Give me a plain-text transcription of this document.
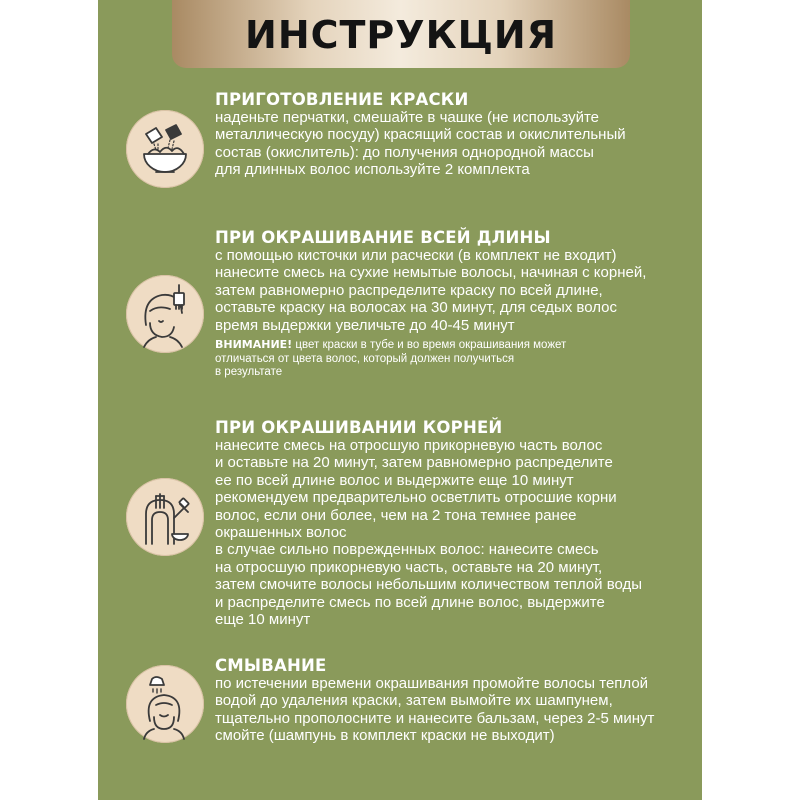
ИНСТРУКЦИЯ
ПРИГОТОВЛЕНИЕ КРАСКИ
наденьте перчатки, смешайте в чашке (не используйте
металлическую посуду) красящий состав и окислительный
состав (окислитель): до получения однородной массы
для длинных волос используйте 2 комплекта
ПРИ ОКРАШИВАНИЕ ВСЕЙ ДЛИНЫ
с помощью кисточки или расчески (в комплект не входит)
нанесите смесь на сухие немытые волосы, начиная с корней,
затем равномерно распределите краску по всей длине,
оставьте краску на волосах на 30 минут, для седых волос
время выдержки увеличьте до 40-45 минут
ВНИМАНИЕ! цвет краски в тубе и во время окрашивания может
отличаться от цвета волос, который должен получиться
в результате
ПРИ ОКРАШИВАНИИ КОРНЕЙ
нанесите смесь на отросшую прикорневую часть волос
и оставьте на 20 минут, затем равномерно распределите
ее по всей длине волос и выдержите еще 10 минут
рекомендуем предварительно осветлить отросшие корни
волос, если они более, чем на 2 тона темнее ранее
окрашенных волос
в случае сильно поврежденных волос: нанесите смесь
на отросшую прикорневую часть, оставьте на 20 минут,
затем смочите волосы небольшим количеством теплой воды
и распределите смесь по всей длине волос, выдержите
еще 10 минут
СМЫВАНИЕ
по истечении времени окрашивания промойте волосы теплой
водой до удаления краски, затем вымойте их шампунем,
тщательно прополосните и нанесите бальзам, через 2-5 минут
смойте (шампунь в комплект краски не выходит)
